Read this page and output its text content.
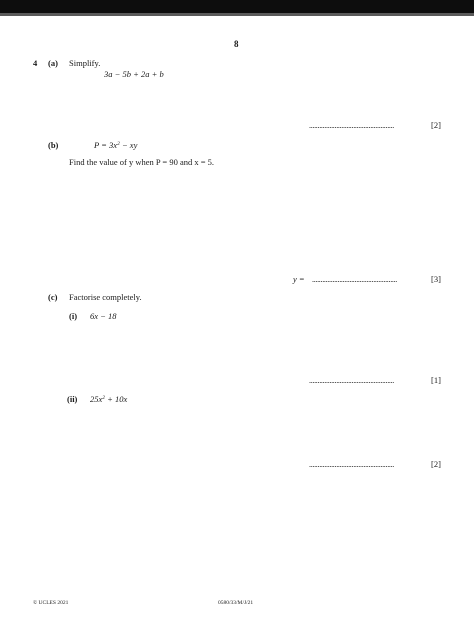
8
4 (a) Simplify.
3a − 5b + 2a + b
..................................................	[2]
(b)	$P = 3x^2$ − xy
Find the value of y when P = 90 and x = 5.
y = ..................................................	[3]
(c) Factorise completely.
(i) 6x − 18
..................................................	[1]
(ii) $25x^2 + 10x$
..................................................	[2]
© UCLES 2021	0580/33/M/J/21
